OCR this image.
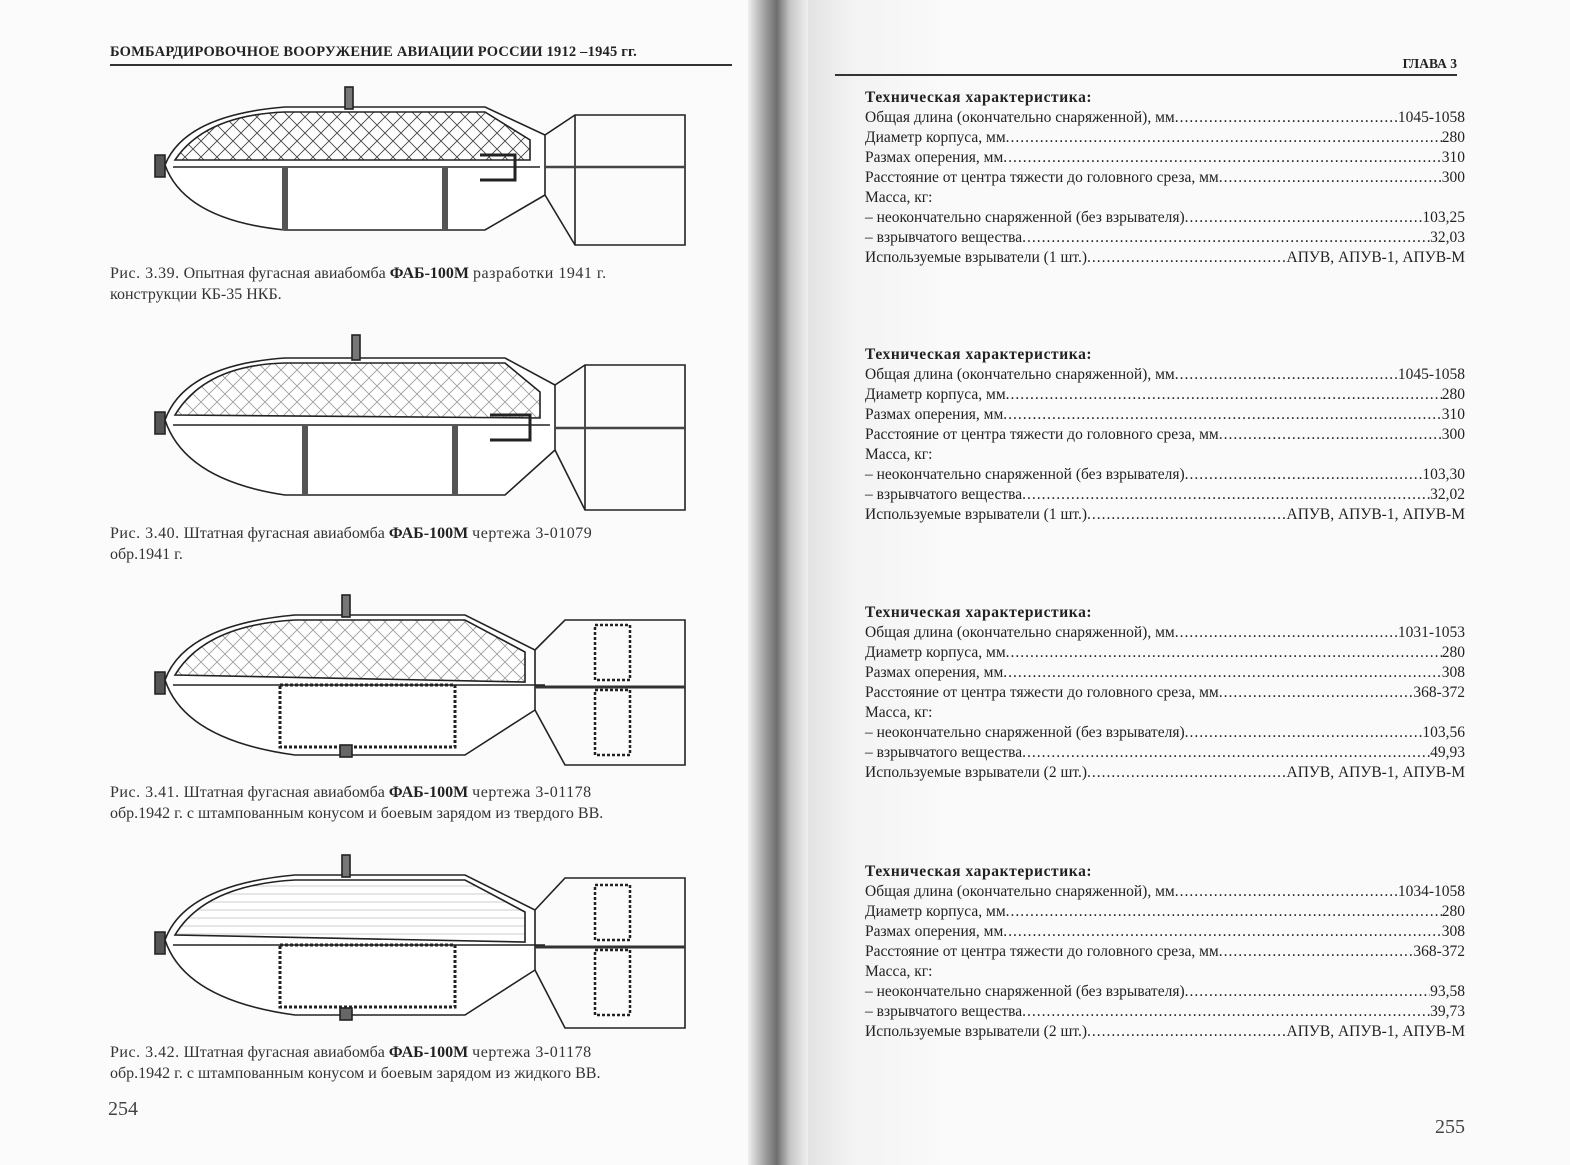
БОМБАРДИРОВОЧНОЕ ВООРУЖЕНИЕ АВИАЦИИ РОССИИ 1912 –1945 гг.
Рис. 3.39. Опытная фугасная авиабомба ФАБ-100М разработки 1941 г.
конструкции КБ-35 НКБ.
Рис. 3.40. Штатная фугасная авиабомба ФАБ-100М чертежа 3-01079
обр.1941 г.
Рис. 3.41. Штатная фугасная авиабомба ФАБ-100М чертежа 3-01178
обр.1942 г. с штампованным конусом и боевым зарядом из твердого ВВ.
Рис. 3.42. Штатная фугасная авиабомба ФАБ-100М чертежа 3-01178
обр.1942 г. с штампованным конусом и боевым зарядом из жидкого ВВ.
254
ГЛАВА 3
Техническая характеристика:
Общая длина (окончательно снаряженной), мм .....	1045-1058
Диаметр корпуса, мм .....	280
Размах оперения, мм .....	310
Расстояние от центра тяжести до головного среза, мм .....	300
Масса, кг:
– неокончательно снаряженной (без взрывателя) .....	103,25
– взрывчатого вещества .....	32,03
Используемые взрыватели (1 шт.) .....	АПУВ, АПУВ-1, АПУВ-М
Техническая характеристика:
Общая длина (окончательно снаряженной), мм .....	1045-1058
Диаметр корпуса, мм .....	280
Размах оперения, мм .....	310
Расстояние от центра тяжести до головного среза, мм .....	300
Масса, кг:
– неокончательно снаряженной (без взрывателя) .....	103,30
– взрывчатого вещества .....	32,02
Используемые взрыватели (1 шт.) .....	АПУВ, АПУВ-1, АПУВ-М
Техническая характеристика:
Общая длина (окончательно снаряженной), мм .....	1031-1053
Диаметр корпуса, мм .....	280
Размах оперения, мм .....	308
Расстояние от центра тяжести до головного среза, мм .....	368-372
Масса, кг:
– неокончательно снаряженной (без взрывателя) .....	103,56
– взрывчатого вещества .....	49,93
Используемые взрыватели (2 шт.) .....	АПУВ, АПУВ-1, АПУВ-М
Техническая характеристика:
Общая длина (окончательно снаряженной), мм .....	1034-1058
Диаметр корпуса, мм .....	280
Размах оперения, мм .....	308
Расстояние от центра тяжести до головного среза, мм .....	368-372
Масса, кг:
– неокончательно снаряженной (без взрывателя) .....	93,58
– взрывчатого вещества .....	39,73
Используемые взрыватели (2 шт.) .....	АПУВ, АПУВ-1, АПУВ-М
255
